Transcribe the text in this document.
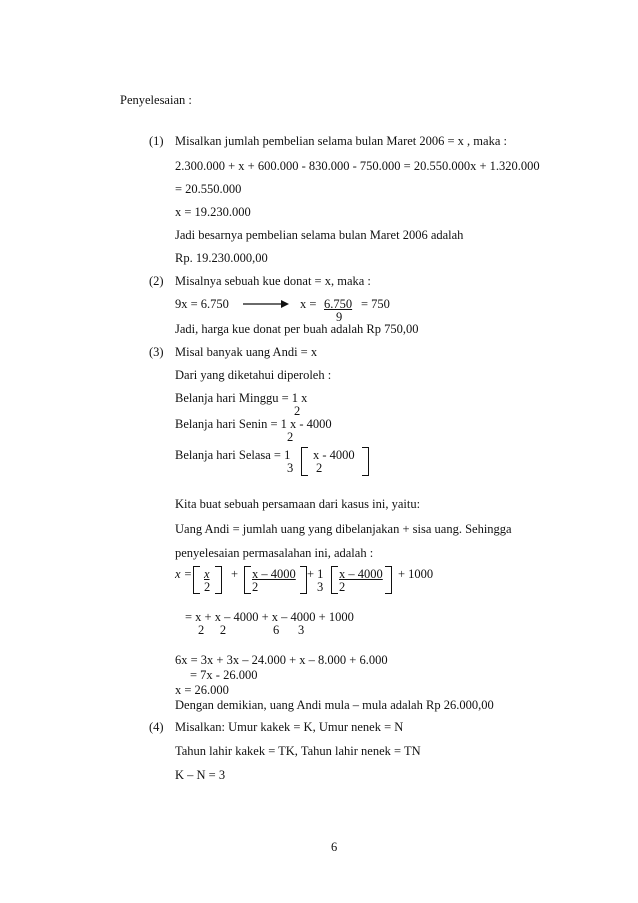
Penyelesaian :
(1) Misalkan jumlah pembelian selama bulan Maret 2006 = x , maka :
2.300.000 + x + 600.000 - 830.000 - 750.000 = 20.550.000x + 1.320.000
= 20.550.000
x = 19.230.000
Jadi besarnya pembelian selama bulan Maret 2006 adalah
Rp. 19.230.000,00
(2) Misalnya sebuah kue donat = x, maka :
9x = 6.750	x = 6.750 = 750
9
Jadi, harga kue donat per buah adalah Rp 750,00
(3) Misal banyak uang Andi = x
Dari yang diketahui diperoleh :
Belanja hari Minggu = 1 x
2
Belanja hari Senin = 1 x - 4000
2
Belanja hari Selasa = 1
3
x - 4000
2
Kita buat sebuah persamaan dari kasus ini, yaitu:
Uang Andi = jumlah uang yang dibelanjakan + sisa uang. Sehingga
penyelesaian permasalahan ini, adalah :
x = x
2
+ x – 4000
2
+ 1
3
x – 4000
2
+ 1000
= x + x – 4000 + x – 4000 + 1000
2     2               6      3
6x = 3x + 3x – 24.000 + x – 8.000 + 6.000
= 7x - 26.000
x = 26.000
Dengan demikian, uang Andi mula – mula adalah Rp 26.000,00
(4) Misalkan: Umur kakek = K, Umur nenek = N
Tahun lahir kakek = TK, Tahun lahir nenek = TN
K – N = 3
6
